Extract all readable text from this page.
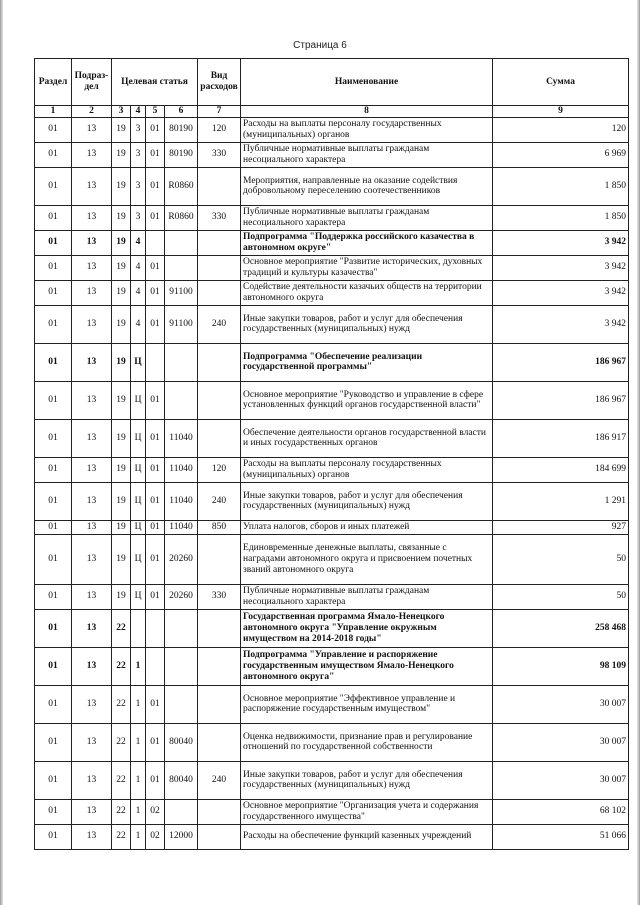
Страница 6
Раздел	Подраз-дел	Целевая статья				Вид расходов	Наименование	Сумма
1	2	3	4	5	6	7	8	9
01	13	19	3	01	80190	120	Расходы на выплаты персоналу государственных (муниципальных) органов	120
01	13	19	3	01	80190	330	Публичные нормативные выплаты гражданам несоциального характера	6 969
01	13	19	3	01	R0860		Мероприятия, направленные на оказание содействия добровольному переселению соотечественников	1 850
01	13	19	3	01	R0860	330	Публичные нормативные выплаты гражданам несоциального характера	1 850
01	13	19	4				Подпрограмма "Поддержка российского казачества в автономном округе"	3 942
01	13	19	4	01			Основное мероприятие "Развитие исторических, духовных традиций и культуры казачества"	3 942
01	13	19	4	01	91100		Содействие деятельности казачьих обществ на территории автономного округа	3 942
01	13	19	4	01	91100	240	Иные закупки товаров, работ и услуг для обеспечения государственных (муниципальных) нужд	3 942
01	13	19	Ц				Подпрограмма "Обеспечение реализации государственной программы"	186 967
01	13	19	Ц	01			Основное мероприятие "Руководство и управление в сфере установленных функций органов государственной власти"	186 967
01	13	19	Ц	01	11040		Обеспечение деятельности органов государственной власти и иных государственных органов	186 917
01	13	19	Ц	01	11040	120	Расходы на выплаты персоналу государственных (муниципальных) органов	184 699
01	13	19	Ц	01	11040	240	Иные закупки товаров, работ и услуг для обеспечения государственных (муниципальных) нужд	1 291
01	13	19	Ц	01	11040	850	Уплата налогов, сборов и иных платежей	927
01	13	19	Ц	01	20260		Единовременные денежные выплаты, связанные с наградами автономного округа и присвоением почетных званий автономного округа	50
01	13	19	Ц	01	20260	330	Публичные нормативные выплаты гражданам несоциального характера	50
01	13	22					Государственная программа Ямало-Ненецкого автономного округа "Управление окружным имуществом на 2014-2018 годы"	258 468
01	13	22	1				Подпрограмма "Управление и распоряжение государственным имуществом Ямало-Ненецкого автономного округа"	98 109
01	13	22	1	01			Основное мероприятие "Эффективное управление и распоряжение государственным имуществом"	30 007
01	13	22	1	01	80040		Оценка недвижимости, признание прав и регулирование отношений по государственной собственности	30 007
01	13	22	1	01	80040	240	Иные закупки товаров, работ и услуг для обеспечения государственных (муниципальных) нужд	30 007
01	13	22	1	02			Основное мероприятие "Организация учета и содержания государственного имущества"	68 102
01	13	22	1	02	12000		Расходы на обеспечение функций казенных учреждений	51 066
